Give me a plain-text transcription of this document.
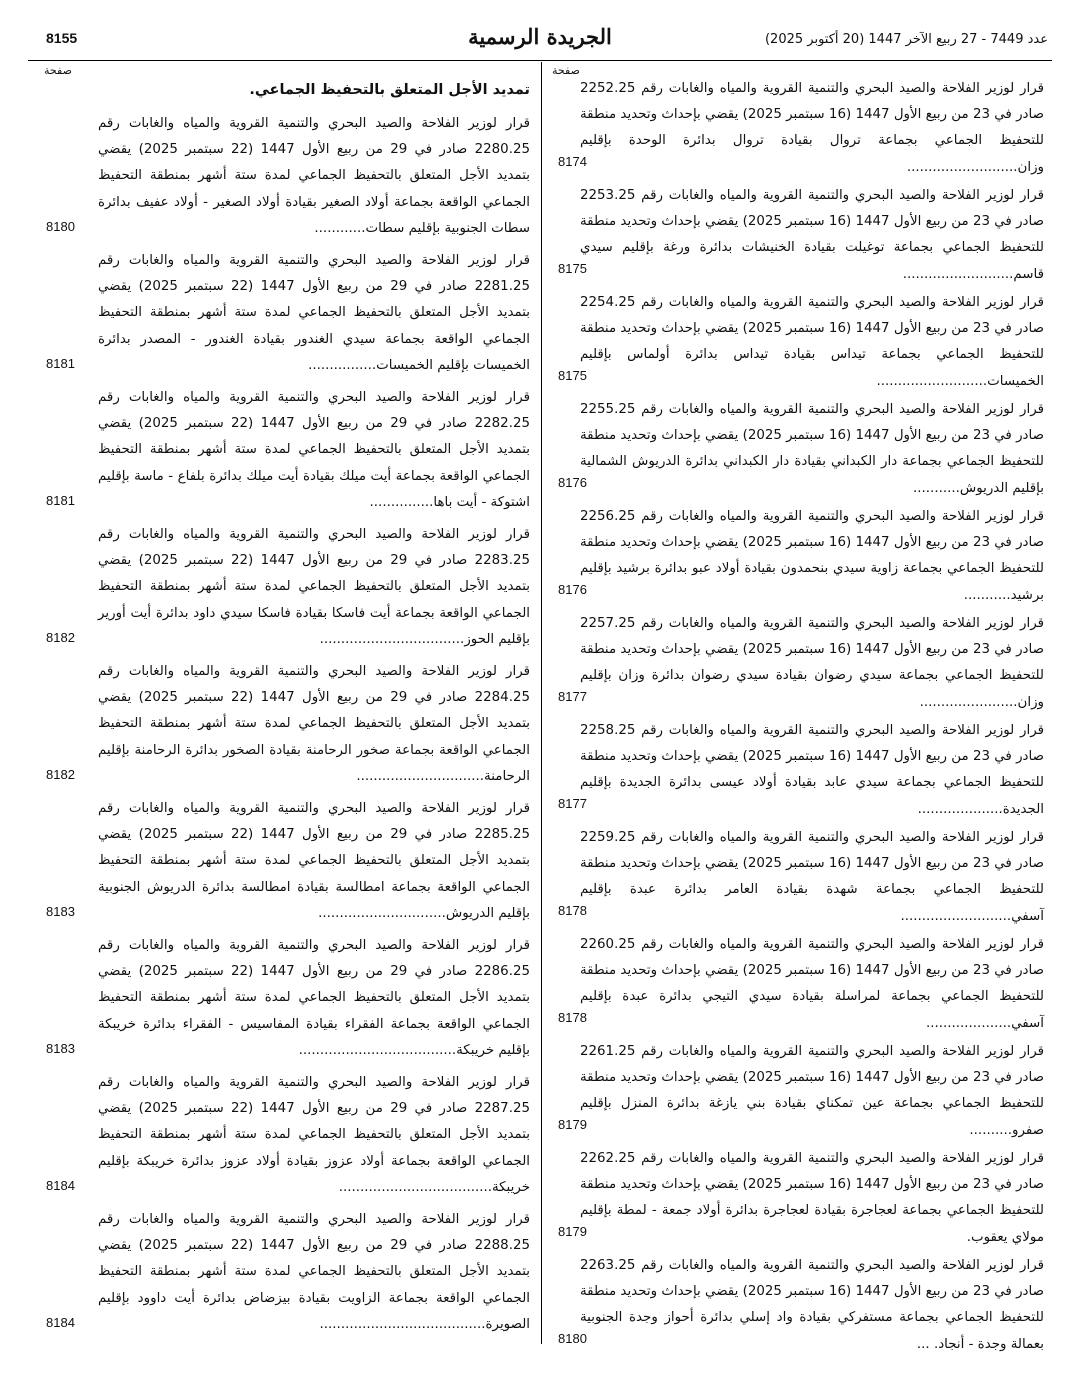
8155	الجريدة الرسمية	عدد 7449 - 27 ربيع الآخر 1447 (20 أكتوبر 2025)
صفحة
قرار لوزير الفلاحة والصيد البحري والتنمية القروية والمياه والغابات رقم 2252.25 صادر في 23 من ربيع الأول 1447 (16 سبتمبر 2025) يقضي بإحداث وتحديد منطقة للتحفيظ الجماعي بجماعة تروال بقيادة تروال بدائرة الوحدة بإقليم وزان..........................
8174
قرار لوزير الفلاحة والصيد البحري والتنمية القروية والمياه والغابات رقم 2253.25 صادر في 23 من ربيع الأول 1447 (16 سبتمبر 2025) يقضي بإحداث وتحديد منطقة للتحفيظ الجماعي بجماعة توغيلت بقيادة الخنيشات بدائرة ورغة بإقليم سيدي قاسم..........................
8175
قرار لوزير الفلاحة والصيد البحري والتنمية القروية والمياه والغابات رقم 2254.25 صادر في 23 من ربيع الأول 1447 (16 سبتمبر 2025) يقضي بإحداث وتحديد منطقة للتحفيظ الجماعي بجماعة تيداس بقيادة تيداس بدائرة أولماس بإقليم الخميسات..........................
8175
قرار لوزير الفلاحة والصيد البحري والتنمية القروية والمياه والغابات رقم 2255.25 صادر في 23 من ربيع الأول 1447 (16 سبتمبر 2025) يقضي بإحداث وتحديد منطقة للتحفيظ الجماعي بجماعة دار الكبداني بقيادة دار الكبداني بدائرة الدريوش الشمالية بإقليم الدريوش...........
8176
قرار لوزير الفلاحة والصيد البحري والتنمية القروية والمياه والغابات رقم 2256.25 صادر في 23 من ربيع الأول 1447 (16 سبتمبر 2025) يقضي بإحداث وتحديد منطقة للتحفيظ الجماعي بجماعة زاوية سيدي بنحمدون بقيادة أولاد عبو بدائرة برشيد بإقليم برشيد...........
8176
قرار لوزير الفلاحة والصيد البحري والتنمية القروية والمياه والغابات رقم 2257.25 صادر في 23 من ربيع الأول 1447 (16 سبتمبر 2025) يقضي بإحداث وتحديد منطقة للتحفيظ الجماعي بجماعة سيدي رضوان بقيادة سيدي رضوان بدائرة وزان بإقليم وزان.......................
8177
قرار لوزير الفلاحة والصيد البحري والتنمية القروية والمياه والغابات رقم 2258.25 صادر في 23 من ربيع الأول 1447 (16 سبتمبر 2025) يقضي بإحداث وتحديد منطقة للتحفيظ الجماعي بجماعة سيدي عابد بقيادة أولاد عيسى بدائرة الجديدة بإقليم الجديدة....................
8177
قرار لوزير الفلاحة والصيد البحري والتنمية القروية والمياه والغابات رقم 2259.25 صادر في 23 من ربيع الأول 1447 (16 سبتمبر 2025) يقضي بإحداث وتحديد منطقة للتحفيظ الجماعي بجماعة شهدة بقيادة العامر بدائرة عبدة بإقليم آسفي..........................
8178
قرار لوزير الفلاحة والصيد البحري والتنمية القروية والمياه والغابات رقم 2260.25 صادر في 23 من ربيع الأول 1447 (16 سبتمبر 2025) يقضي بإحداث وتحديد منطقة للتحفيظ الجماعي بجماعة لمراسلة بقيادة سيدي التيجي بدائرة عبدة بإقليم آسفي....................
8178
قرار لوزير الفلاحة والصيد البحري والتنمية القروية والمياه والغابات رقم 2261.25 صادر في 23 من ربيع الأول 1447 (16 سبتمبر 2025) يقضي بإحداث وتحديد منطقة للتحفيظ الجماعي بجماعة عين تمكناي بقيادة بني يازغة بدائرة المنزل بإقليم صفرو..........
8179
قرار لوزير الفلاحة والصيد البحري والتنمية القروية والمياه والغابات رقم 2262.25 صادر في 23 من ربيع الأول 1447 (16 سبتمبر 2025) يقضي بإحداث وتحديد منطقة للتحفيظ الجماعي بجماعة لعجاجرة بقيادة لعجاجرة بدائرة أولاد جمعة - لمطة بإقليم مولاي يعقوب.
8179
قرار لوزير الفلاحة والصيد البحري والتنمية القروية والمياه والغابات رقم 2263.25 صادر في 23 من ربيع الأول 1447 (16 سبتمبر 2025) يقضي بإحداث وتحديد منطقة للتحفيظ الجماعي بجماعة مستفركي بقيادة واد إسلي بدائرة أحواز وجدة الجنوبية بعمالة وجدة - أنجاد. ...
8180
صفحة
تمديد الأجل المتعلق بالتحفيظ الجماعي.
قرار لوزير الفلاحة والصيد البحري والتنمية القروية والمياه والغابات رقم 2280.25 صادر في 29 من ربيع الأول 1447 (22 سبتمبر 2025) يقضي بتمديد الأجل المتعلق بالتحفيظ الجماعي لمدة ستة أشهر بمنطقة التحفيظ الجماعي الواقعة بجماعة أولاد الصغير بقيادة أولاد الصغير - أولاد عفيف بدائرة سطات الجنوبية بإقليم سطات............
8180
قرار لوزير الفلاحة والصيد البحري والتنمية القروية والمياه والغابات رقم 2281.25 صادر في 29 من ربيع الأول 1447 (22 سبتمبر 2025) يقضي بتمديد الأجل المتعلق بالتحفيظ الجماعي لمدة ستة أشهر بمنطقة التحفيظ الجماعي الواقعة بجماعة سيدي الغندور بقيادة الغندور - المصدر بدائرة الخميسات بإقليم الخميسات................
8181
قرار لوزير الفلاحة والصيد البحري والتنمية القروية والمياه والغابات رقم 2282.25 صادر في 29 من ربيع الأول 1447 (22 سبتمبر 2025) يقضي بتمديد الأجل المتعلق بالتحفيظ الجماعي لمدة ستة أشهر بمنطقة التحفيظ الجماعي الواقعة بجماعة أيت ميلك بقيادة أيت ميلك بدائرة بلفاع - ماسة بإقليم اشتوكة - أيت باها...............
8181
قرار لوزير الفلاحة والصيد البحري والتنمية القروية والمياه والغابات رقم 2283.25 صادر في 29 من ربيع الأول 1447 (22 سبتمبر 2025) يقضي بتمديد الأجل المتعلق بالتحفيظ الجماعي لمدة ستة أشهر بمنطقة التحفيظ الجماعي الواقعة بجماعة أيت فاسكا بقيادة فاسكا سيدي داود بدائرة أيت أورير بإقليم الحوز..................................
8182
قرار لوزير الفلاحة والصيد البحري والتنمية القروية والمياه والغابات رقم 2284.25 صادر في 29 من ربيع الأول 1447 (22 سبتمبر 2025) يقضي بتمديد الأجل المتعلق بالتحفيظ الجماعي لمدة ستة أشهر بمنطقة التحفيظ الجماعي الواقعة بجماعة صخور الرحامنة بقيادة الصخور بدائرة الرحامنة بإقليم الرحامنة..............................
8182
قرار لوزير الفلاحة والصيد البحري والتنمية القروية والمياه والغابات رقم 2285.25 صادر في 29 من ربيع الأول 1447 (22 سبتمبر 2025) يقضي بتمديد الأجل المتعلق بالتحفيظ الجماعي لمدة ستة أشهر بمنطقة التحفيظ الجماعي الواقعة بجماعة امطالسة بقيادة امطالسة بدائرة الدريوش الجنوبية بإقليم الدريوش..............................
8183
قرار لوزير الفلاحة والصيد البحري والتنمية القروية والمياه والغابات رقم 2286.25 صادر في 29 من ربيع الأول 1447 (22 سبتمبر 2025) يقضي بتمديد الأجل المتعلق بالتحفيظ الجماعي لمدة ستة أشهر بمنطقة التحفيظ الجماعي الواقعة بجماعة الفقراء بقيادة المفاسيس - الفقراء بدائرة خريبكة بإقليم خريبكة.....................................
8183
قرار لوزير الفلاحة والصيد البحري والتنمية القروية والمياه والغابات رقم 2287.25 صادر في 29 من ربيع الأول 1447 (22 سبتمبر 2025) يقضي بتمديد الأجل المتعلق بالتحفيظ الجماعي لمدة ستة أشهر بمنطقة التحفيظ الجماعي الواقعة بجماعة أولاد عزوز بقيادة أولاد عزوز بدائرة خريبكة بإقليم خريبكة....................................
8184
قرار لوزير الفلاحة والصيد البحري والتنمية القروية والمياه والغابات رقم 2288.25 صادر في 29 من ربيع الأول 1447 (22 سبتمبر 2025) يقضي بتمديد الأجل المتعلق بالتحفيظ الجماعي لمدة ستة أشهر بمنطقة التحفيظ الجماعي الواقعة بجماعة الزاويت بقيادة بيزضاض بدائرة أيت داوود بإقليم الصويرة.......................................
8184
